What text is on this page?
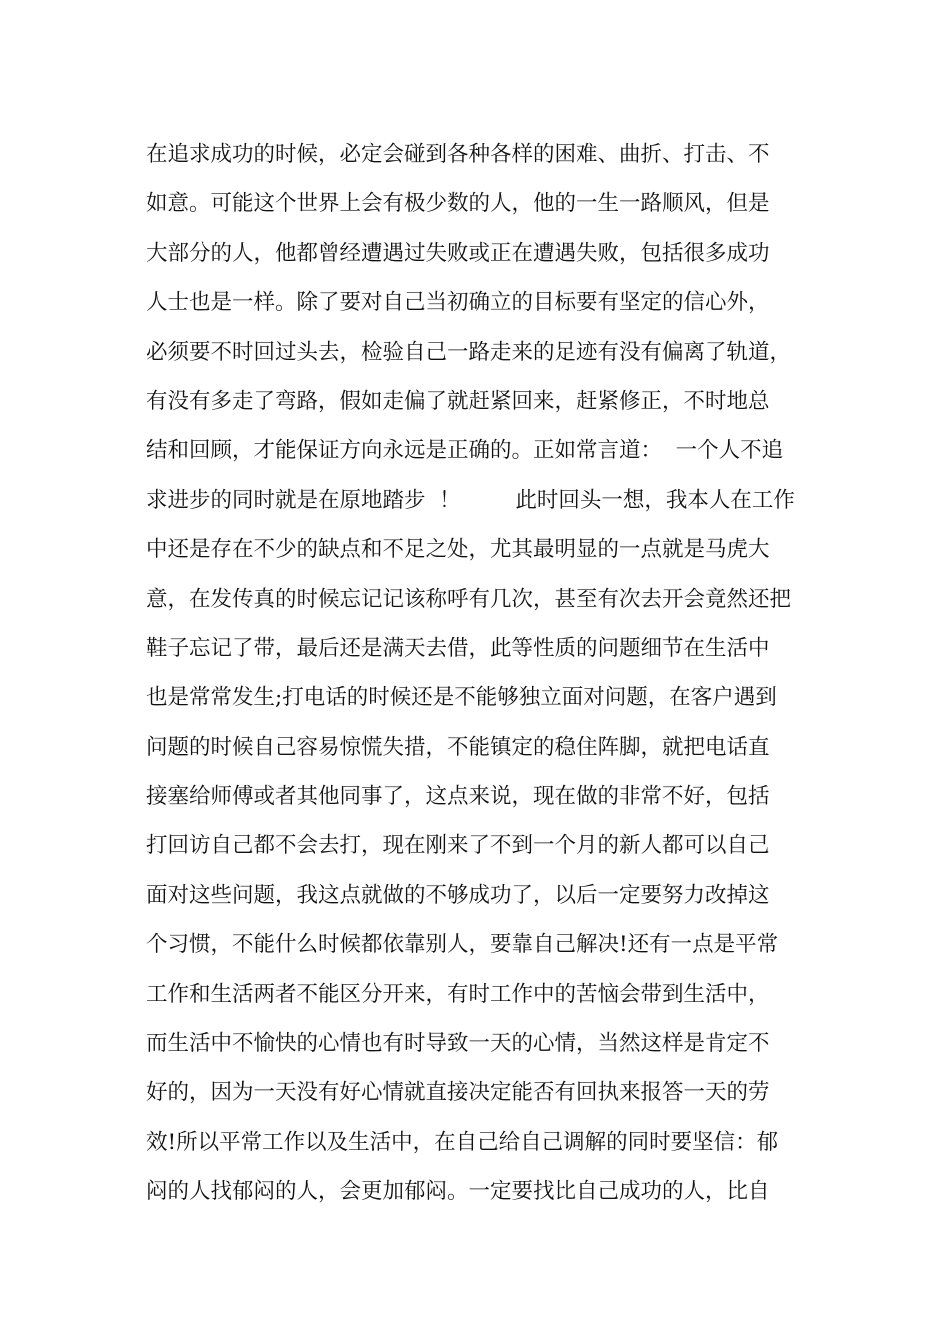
在追求成功的时候，必定会碰到各种各样的困难、曲折、打击、不
如意。可能这个世界上会有极少数的人，他的一生一路顺风，但是
大部分的人，他都曾经遭遇过失败或正在遭遇失败，包括很多成功
人士也是一样。除了要对自己当初确立的目标要有坚定的信心外，
必须要不时回过头去，检验自己一路走来的足迹有没有偏离了轨道，
有没有多走了弯路，假如走偏了就赶紧回来，赶紧修正，不时地总
结和回顾，才能保证方向永远是正确的。正如常言道：  一个人不追
求进步的同时就是在原地踏步  ！        此时回头一想，我本人在工作
中还是存在不少的缺点和不足之处，尤其最明显的一点就是马虎大
意，在发传真的时候忘记记该称呼有几次，甚至有次去开会竟然还把
鞋子忘记了带，最后还是满天去借，此等性质的问题细节在生活中
也是常常发生;打电话的时候还是不能够独立面对问题，在客户遇到
问题的时候自己容易惊慌失措，不能镇定的稳住阵脚，就把电话直
接塞给师傅或者其他同事了，这点来说，现在做的非常不好，包括
打回访自己都不会去打，现在刚来了不到一个月的新人都可以自己
面对这些问题，我这点就做的不够成功了，以后一定要努力改掉这
个习惯，不能什么时候都依靠别人，要靠自己解决!还有一点是平常
工作和生活两者不能区分开来，有时工作中的苦恼会带到生活中，
而生活中不愉快的心情也有时导致一天的心情，当然这样是肯定不
好的，因为一天没有好心情就直接决定能否有回执来报答一天的劳
效!所以平常工作以及生活中，在自己给自己调解的同时要坚信：郁
闷的人找郁闷的人，会更加郁闷。一定要找比自己成功的人，比自
